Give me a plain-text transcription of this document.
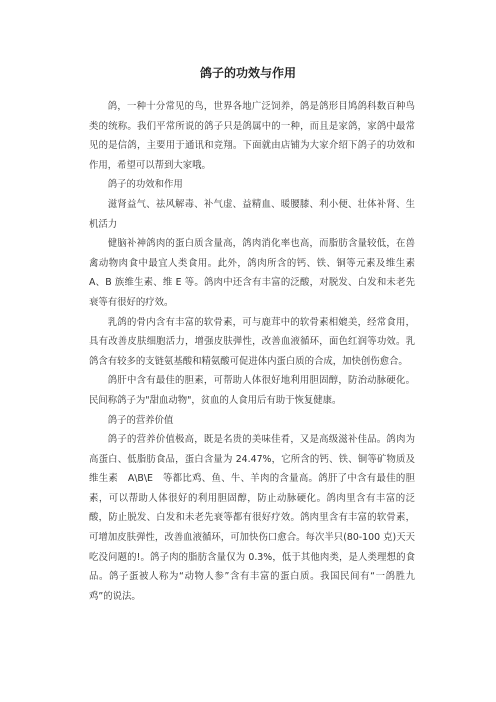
鸽子的功效与作用

鸽，一种十分常见的鸟，世界各地广泛饲养，鸽是鸽形目鸠鸽科数百种鸟类的统称。我们平常所说的鸽子只是鸽属中的一种，而且是家鸽，家鸽中最常见的是信鸽，主要用于通讯和竞翔。下面就由店铺为大家介绍下鸽子的功效和作用，希望可以帮到大家哦。

鸽子的功效和作用

滋肾益气、祛风解毒、补气虚、益精血、暖腰膝、利小便、壮体补肾、生机活力

健脑补神鸽肉的蛋白质含量高，鸽肉消化率也高，而脂肪含量较低，在兽禽动物肉食中最宜人类食用。此外，鸽肉所含的钙、铁、铜等元素及维生素 A、B 族维生素、维 E 等。鸽肉中还含有丰富的泛酸，对脱发、白发和未老先衰等有很好的疗效。

乳鸽的骨内含有丰富的软骨素，可与鹿茸中的软骨素相媲美，经常食用，具有改善皮肤细胞活力，增强皮肤弹性，改善血液循环，面色红润等功效。乳鸽含有较多的支链氨基酸和精氨酸可促进体内蛋白质的合成，加快创伤愈合。

鸽肝中含有最佳的胆素，可帮助人体很好地利用胆固醇，防治动脉硬化。民间称鸽子为"甜血动物"，贫血的人食用后有助于恢复健康。

鸽子的营养价值

鸽子的营养价值极高，既是名贵的美味佳肴，又是高级滋补佳品。鸽肉为高蛋白、低脂肪食品，蛋白含量为 24.47%，它所含的钙、铁、铜等矿物质及维生素　A\B\E　等都比鸡、鱼、牛、羊肉的含量高。鸽肝了中含有最佳的胆素，可以帮助人体很好的利用胆固醇，防止动脉硬化。鸽肉里含有丰富的泛酸，防止脱发、白发和未老先衰等都有很好疗效。鸽肉里含有丰富的软骨素，可增加皮肤弹性，改善血液循环，可加快伤口愈合。每次半只(80-100 克)天天吃没问题的!。鸽子肉的脂肪含量仅为 0.3%，低于其他肉类，是人类理想的食品。鸽子蛋被人称为“动物人参”含有丰富的蛋白质。我国民间有“一鸽胜九鸡”的说法。
